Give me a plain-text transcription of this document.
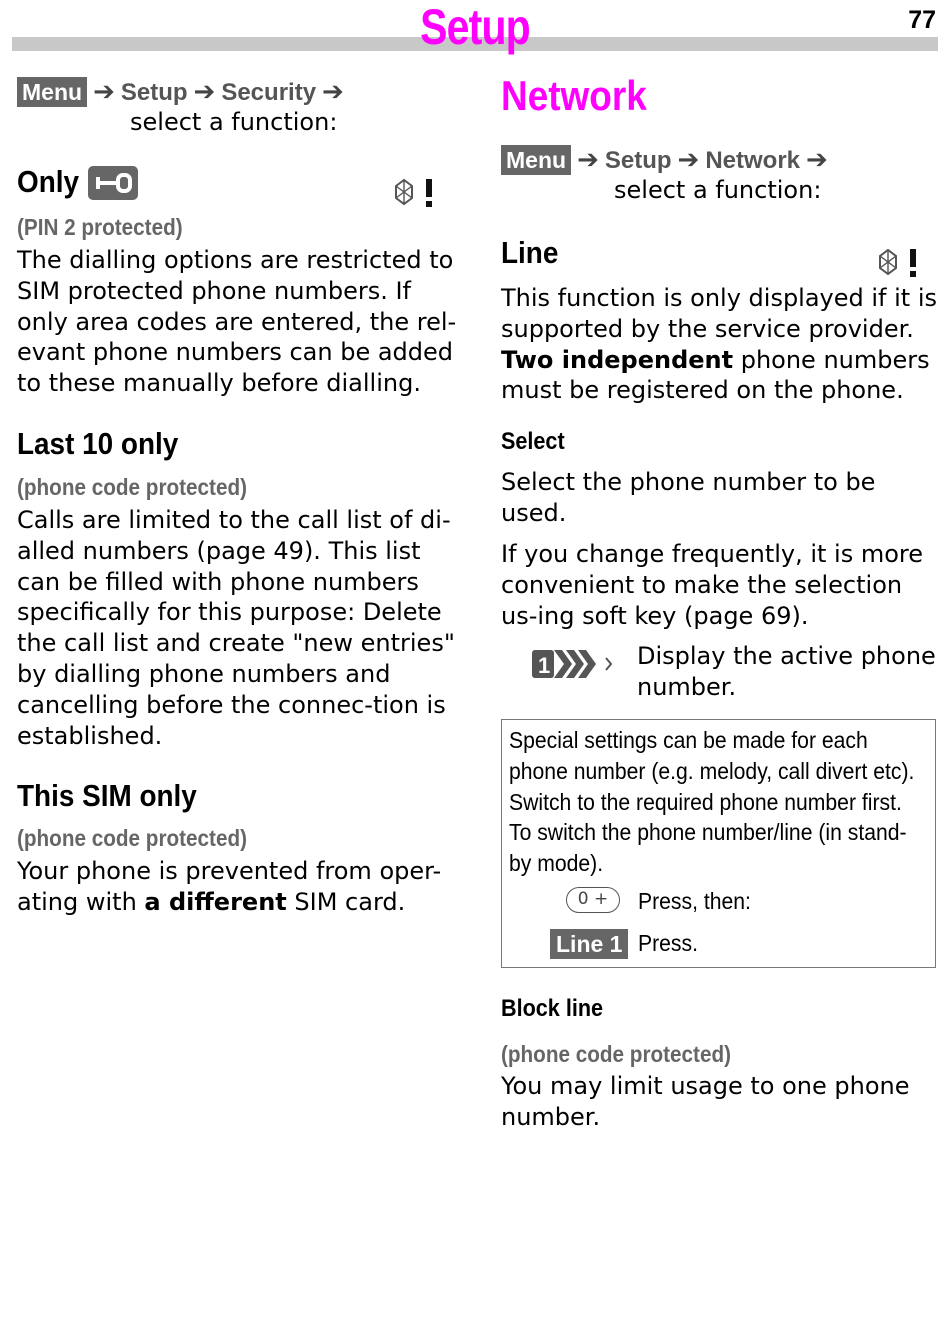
Setup	77
Menu ➔ Setup ➔ Security ➔
select a function:
Only
(PIN 2 protected)
The dialling options are restricted to SIM protected phone numbers. If only area codes are entered, the rel-evant phone numbers can be added to these manually before dialling.
Last 10 only
(phone code protected)
Calls are limited to the call list of di-alled numbers (page 49). This list can be filled with phone numbers specifically for this purpose: Delete the call list and create "new entries" by dialling phone numbers and cancelling before the connec-tion is established.
This SIM only
(phone code protected)
Your phone is prevented from oper-ating with a different SIM card.
Network
Menu ➔ Setup ➔ Network ➔
select a function:
Line
This function is only displayed if it is supported by the service provider. Two independent phone numbers must be registered on the phone.
Select
Select the phone number to be used.
If you change frequently, it is more convenient to make the selection us-ing soft key (page 69).
1	Display the active phone number.
Special settings can be made for each
phone number (e.g. melody, call divert etc).
Switch to the required phone number first.
To switch the phone number/line (in stand-
by mode).
0 +	Press, then:
Line 1 Press.
Block line
(phone code protected)
You may limit usage to one phone number.
